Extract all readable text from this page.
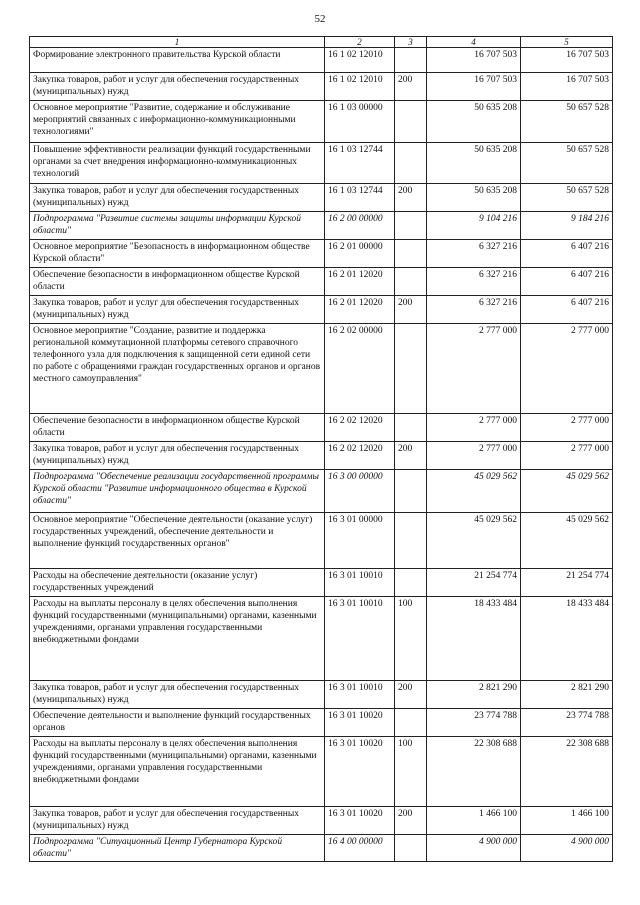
52
1	2	3	4	5
Формирование электронного правительства Курской области	16 1 02 12010		16 707 503	16 707 503
Закупка товаров, работ и услуг для обеспечения государственных (муниципальных) нужд	16 1 02 12010	200	16 707 503	16 707 503
Основное мероприятие "Развитие, содержание и обслуживание мероприятий связанных с информационно-коммуникационными технологиями"	16 1 03 00000		50 635 208	50 657 528
Повышение эффективности реализации функций государственными органами за счет внедрения информационно-коммуникационных технологий	16 1 03 12744		50 635 208	50 657 528
Закупка товаров, работ и услуг для обеспечения государственных (муниципальных) нужд	16 1 03 12744	200	50 635 208	50 657 528
Подпрограмма "Развитие системы защиты информации Курской области"	16 2 00 00000		9 104 216	9 184 216
Основное мероприятие "Безопасность в информационном обществе Курской области"	16 2 01 00000		6 327 216	6 407 216
Обеспечение безопасности в информационном обществе Курской области	16 2 01 12020		6 327 216	6 407 216
Закупка товаров, работ и услуг для обеспечения государственных (муниципальных) нужд	16 2 01 12020	200	6 327 216	6 407 216
Основное мероприятие "Создание, развитие и поддержка региональной коммутационной платформы сетевого справочного телефонного узла для подключения к защищенной сети единой сети по работе с обращениями граждан государственных органов и органов местного самоуправления"	16 2 02 00000		2 777 000	2 777 000
Обеспечение безопасности в информационном обществе Курской области	16 2 02 12020		2 777 000	2 777 000
Закупка товаров, работ и услуг для обеспечения государственных (муниципальных) нужд	16 2 02 12020	200	2 777 000	2 777 000
Подпрограмма "Обеспечение реализации государственной программы Курской области "Развитие информационного общества в Курской области"	16 3 00 00000		45 029 562	45 029 562
Основное мероприятие "Обеспечение деятельности (оказание услуг) государственных учреждений, обеспечение деятельности и выполнение функций государственных органов"	16 3 01 00000		45 029 562	45 029 562
Расходы на обеспечение деятельности (оказание услуг) государственных учреждений	16 3 01 10010		21 254 774	21 254 774
Расходы на выплаты персоналу в целях обеспечения выполнения функций государственными (муниципальными) органами, казенными учреждениями, органами управления государственными внебюджетными фондами	16 3 01 10010	100	18 433 484	18 433 484
Закупка товаров, работ и услуг для обеспечения государственных (муниципальных) нужд	16 3 01 10010	200	2 821 290	2 821 290
Обеспечение деятельности и выполнение функций государственных органов	16 3 01 10020		23 774 788	23 774 788
Расходы на выплаты персоналу в целях обеспечения выполнения функций государственными (муниципальными) органами, казенными учреждениями, органами управления государственными внебюджетными фондами	16 3 01 10020	100	22 308 688	22 308 688
Закупка товаров, работ и услуг для обеспечения государственных (муниципальных) нужд	16 3 01 10020	200	1 466 100	1 466 100
Подпрограмма "Ситуационный Центр Губернатора Курской области"	16 4 00 00000		4 900 000	4 900 000
